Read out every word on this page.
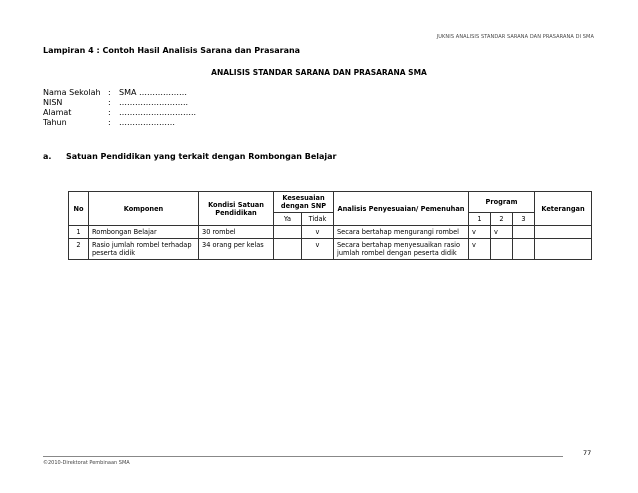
JUKNIS ANALISIS STANDAR SARANA DAN PRASARANA DI SMA
Lampiran 4 : Contoh Hasil Analisis Sarana dan Prasarana
ANALISIS STANDAR SARANA DAN PRASARANA SMA
Nama Sekolah : SMA ………………
NISN	: ……………………..
Alamat	: ………………………..
Tahun	: …………………
a. Satuan Pendidikan yang terkait dengan Rombongan Belajar
No	Komponen	Kondisi Satuan Pendidikan	Kesesuaian dengan SNP		Analisis Penyesuaian/ Pemenuhan	Program			Keterangan
			Ya	Tidak		1	2	3	
1	Rombongan Belajar	30 rombel		v	Secara bertahap mengurangi rombel	v	v		
2	Rasio jumlah rombel terhadap peserta didik	34 orang per kelas		v	Secara bertahap menyesuaikan rasio jumlah rombel dengan peserta didik	v			
77
©2010-Direktorat Pembinaan SMA
